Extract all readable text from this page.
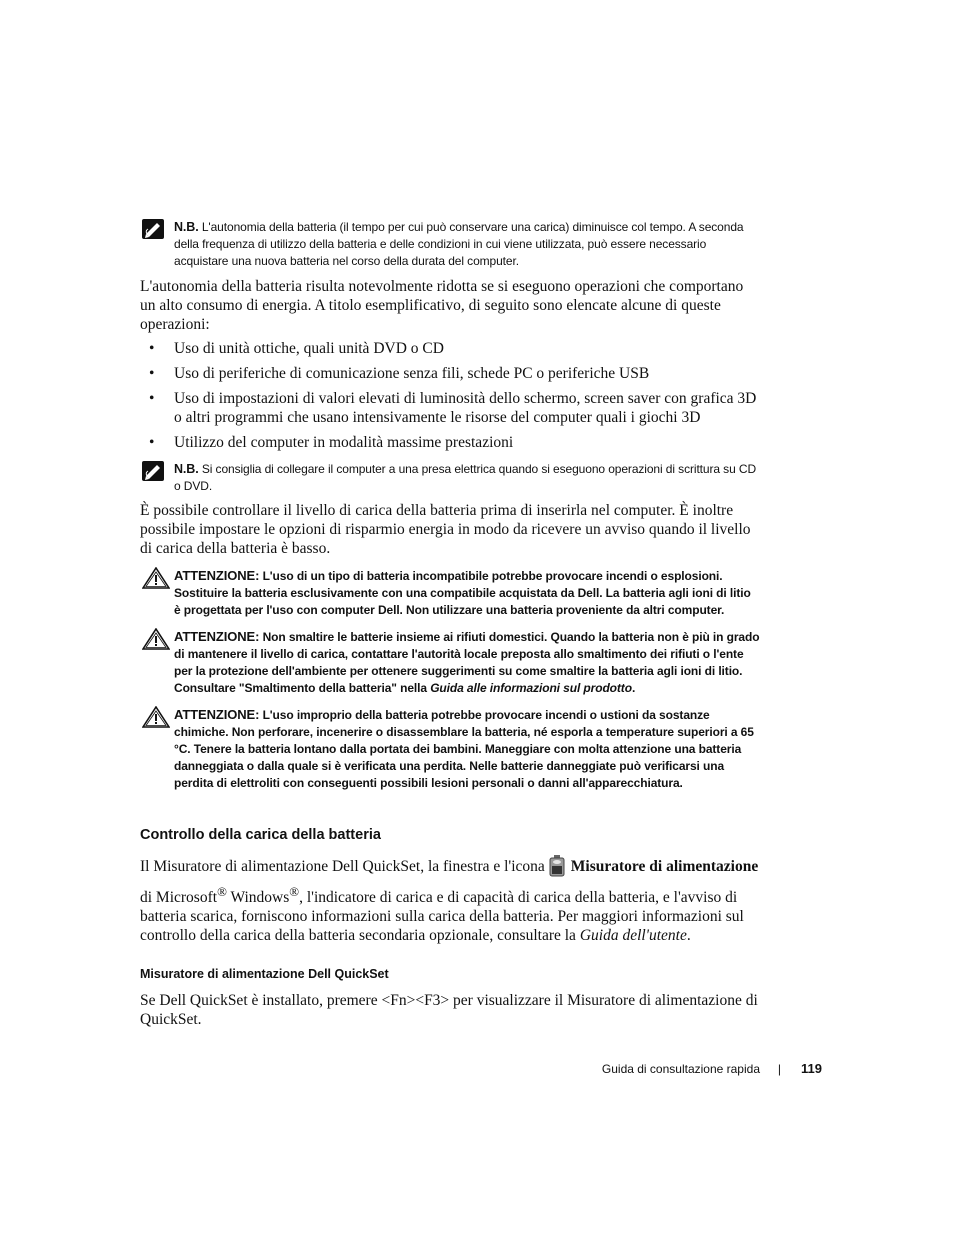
N.B. L'autonomia della batteria (il tempo per cui può conservare una carica) diminuisce col tempo. A seconda della frequenza di utilizzo della batteria e delle condizioni in cui viene utilizzata, può essere necessario acquistare una nuova batteria nel corso della durata del computer.

L'autonomia della batteria risulta notevolmente ridotta se si eseguono operazioni che comportano un alto consumo di energia. A titolo esemplificativo, di seguito sono elencate alcune di queste operazioni:

• Uso di unità ottiche, quali unità DVD o CD
• Uso di periferiche di comunicazione senza fili, schede PC o periferiche USB
• Uso di impostazioni di valori elevati di luminosità dello schermo, screen saver con grafica 3D o altri programmi che usano intensivamente le risorse del computer quali i giochi 3D
• Utilizzo del computer in modalità massime prestazioni
N.B. Si consiglia di collegare il computer a una presa elettrica quando si eseguono operazioni di scrittura su CD o DVD.

È possibile controllare il livello di carica della batteria prima di inserirla nel computer. È inoltre possibile impostare le opzioni di risparmio energia in modo da ricevere un avviso quando il livello di carica della batteria è basso.

ATTENZIONE: L'uso di un tipo di batteria incompatibile potrebbe provocare incendi o esplosioni. Sostituire la batteria esclusivamente con una compatibile acquistata da Dell. La batteria agli ioni di litio è progettata per l'uso con computer Dell. Non utilizzare una batteria proveniente da altri computer.
ATTENZIONE: Non smaltire le batterie insieme ai rifiuti domestici. Quando la batteria non è più in grado di mantenere il livello di carica, contattare l'autorità locale preposta allo smaltimento dei rifiuti o l'ente per la protezione dell'ambiente per ottenere suggerimenti su come smaltire la batteria agli ioni di litio. Consultare "Smaltimento della batteria" nella Guida alle informazioni sul prodotto.
ATTENZIONE: L'uso improprio della batteria potrebbe provocare incendi o ustioni da sostanze chimiche. Non perforare, incenerire o disassemblare la batteria, né esporla a temperature superiori a 65 °C. Tenere la batteria lontano dalla portata dei bambini. Maneggiare con molta attenzione una batteria danneggiata o dalla quale si è verificata una perdita. Nelle batterie danneggiate può verificarsi una perdita di elettroliti con conseguenti possibili lesioni personali o danni all'apparecchiatura.
Controllo della carica della batteria

Il Misuratore di alimentazione Dell QuickSet, la finestra e l'icona Misuratore di alimentazione di Microsoft® Windows®, l'indicatore di carica e di capacità di carica della batteria, e l'avviso di batteria scarica, forniscono informazioni sulla carica della batteria. Per maggiori informazioni sul controllo della carica della batteria secondaria opzionale, consultare la Guida dell'utente.

Misuratore di alimentazione Dell QuickSet

Se Dell QuickSet è installato, premere <Fn><F3> per visualizzare il Misuratore di alimentazione di QuickSet.

Guida di consultazione rapida | 119
